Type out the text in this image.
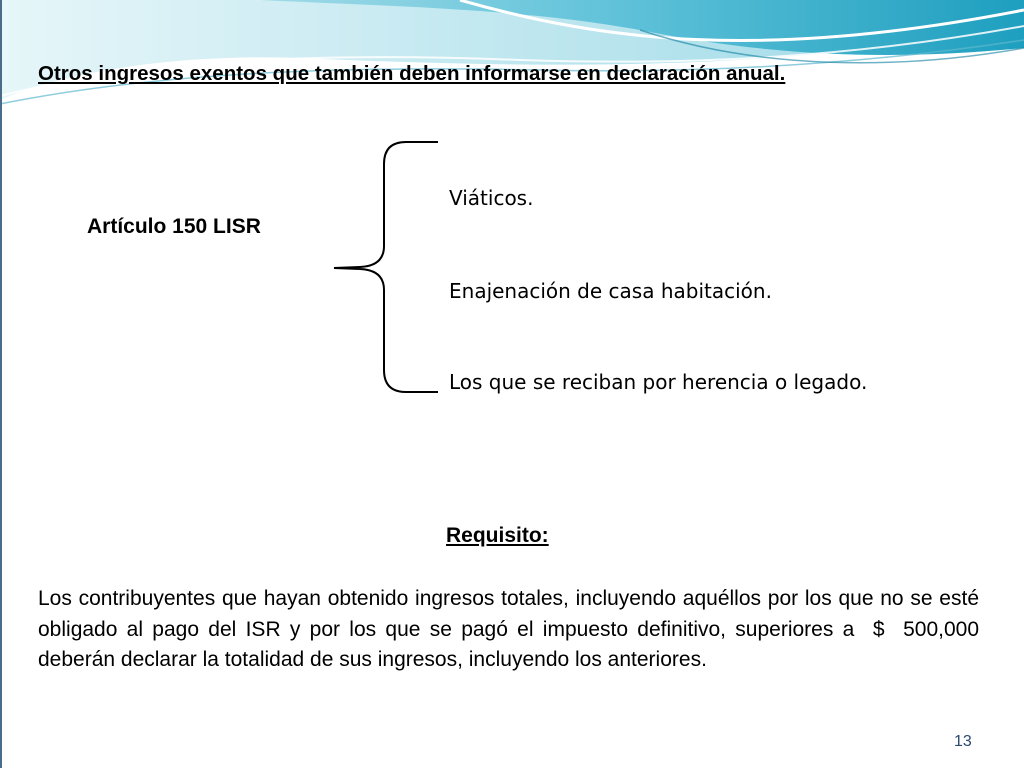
Otros ingresos exentos que también deben informarse en declaración anual.
Artículo 150 LISR
Viáticos.
Enajenación de casa habitación.
Los que se reciban por herencia o legado.
Requisito:
Los contribuyentes que hayan obtenido ingresos totales, incluyendo aquéllos por los que no se esté obligado al pago del ISR y por los que se pagó el impuesto definitivo, superiores a  $  500,000 deberán declarar la totalidad de sus ingresos, incluyendo los anteriores.
13
